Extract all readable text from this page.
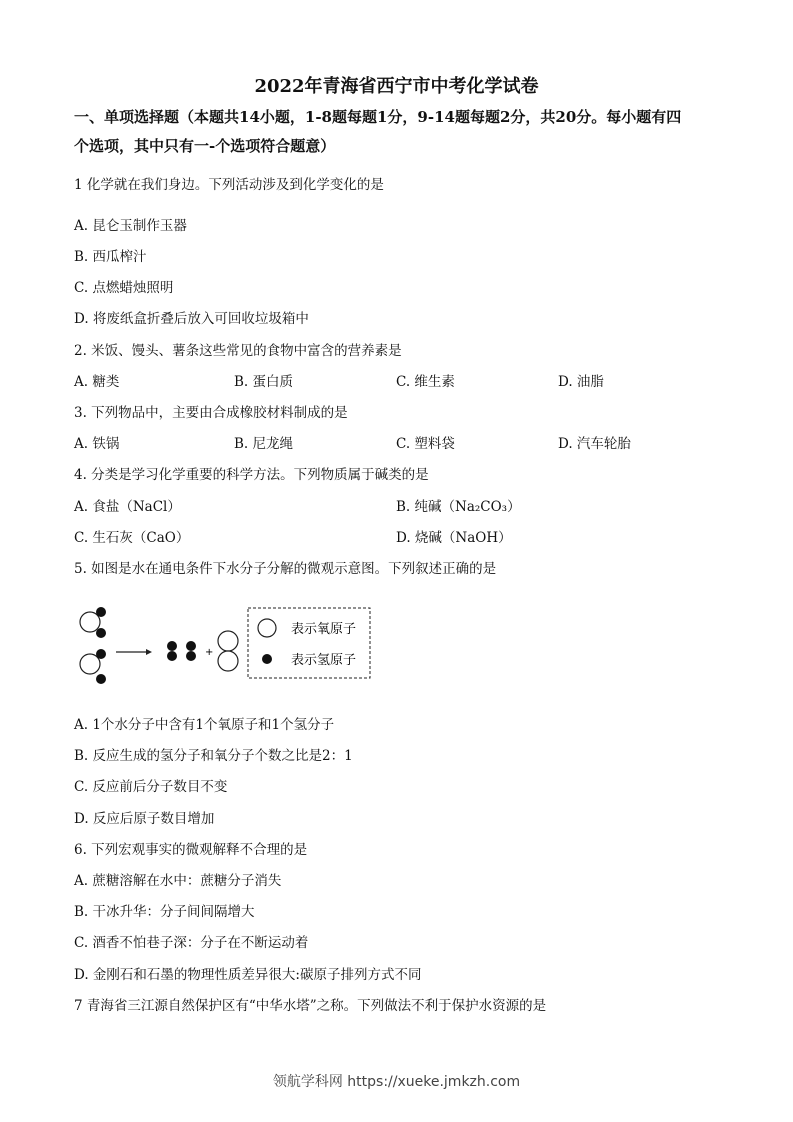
2022年青海省西宁市中考化学试卷
一、单项选择题（本题共14小题，1-8题每题1分，9-14题每题2分，共20分。每小题有四
个选项，其中只有一-个选项符合题意）
1 化学就在我们身边。下列活动涉及到化学变化的是
A. 昆仑玉制作玉器
B. 西瓜榨汁
C. 点燃蜡烛照明
D. 将废纸盒折叠后放入可回收垃圾箱中
2. 米饭、馒头、薯条这些常见的食物中富含的营养素是
A. 糖类	B. 蛋白质	C. 维生素	D. 油脂
3. 下列物品中，主要由合成橡胶材料制成的是
A. 铁锅	B. 尼龙绳	C. 塑料袋	D. 汽车轮胎
4. 分类是学习化学重要的科学方法。下列物质属于碱类的是
A. 食盐（NaCl）	B. 纯碱（Na₂CO₃）
C. 生石灰（CaO）	D. 烧碱（NaOH）
5. 如图是水在通电条件下水分子分解的微观示意图。下列叙述正确的是
+
表示氧原子
表示氢原子
A. 1个水分子中含有1个氧原子和1个氢分子
B. 反应生成的氢分子和氧分子个数之比是2：1
C. 反应前后分子数目不变
D. 反应后原子数目增加
6. 下列宏观事实的微观解释不合理的是
A. 蔗糖溶解在水中：蔗糖分子消失
B. 干冰升华：分子间间隔增大
C. 酒香不怕巷子深：分子在不断运动着
D. 金刚石和石墨的物理性质差异很大:碳原子排列方式不同
7 青海省三江源自然保护区有“中华水塔”之称。下列做法不利于保护水资源的是
领航学科网 https://xueke.jmkzh.com
